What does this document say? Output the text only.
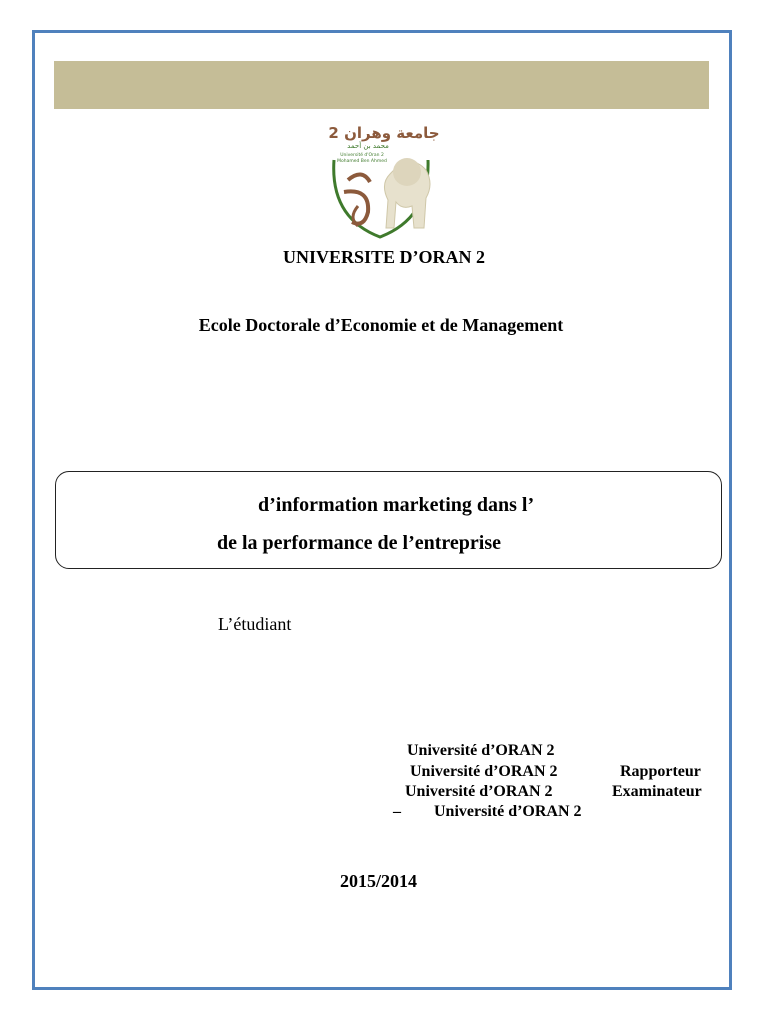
جامعة وهران 2
محمد بن أحمد
Université d'Oran 2
Mohamed Ben Ahmed
UNIVERSITE D’ORAN 2
Ecole Doctorale d’Economie et de Management
d’information marketing dans l’
de la performance de l’entreprise
L’étudiant
Université d’ORAN 2
Université d’ORAN 2	Rapporteur
Université d’ORAN 2	Examinateur
– Université d’ORAN 2
2015/2014
